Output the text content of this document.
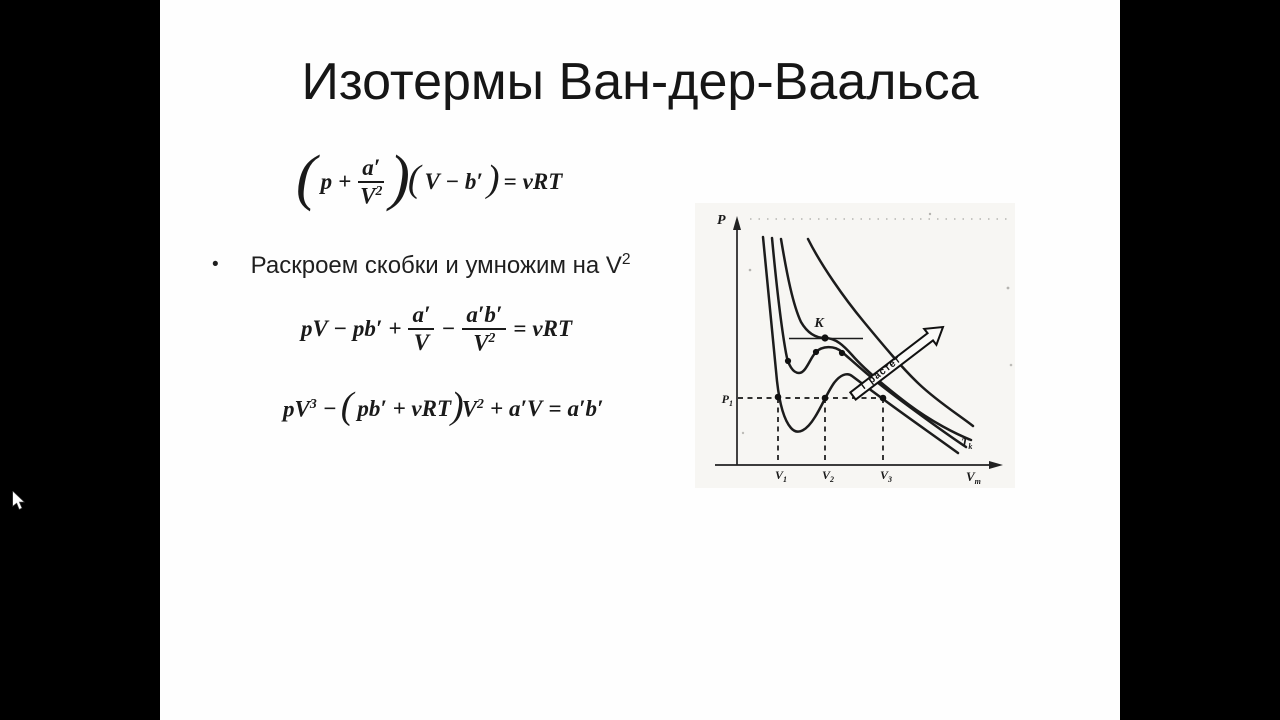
Изотермы Ван-дер-Ваальса
( $p + \frac{a'}{V^2}$ )( V − b′ ) = νRT
• Раскроем скобки и умножим на $V^2$
pV − $pb' + \frac{a'}{V} - \frac{a'b'}{V^2} = \nu RT$
$pV^3$ − ( $pb' + \nu RT)V^2 + a'V = a'b'$
Т растет
P
$V_m$
$P_1$
$V_1$	$V_2$	$V_3$
K
$T_k$
